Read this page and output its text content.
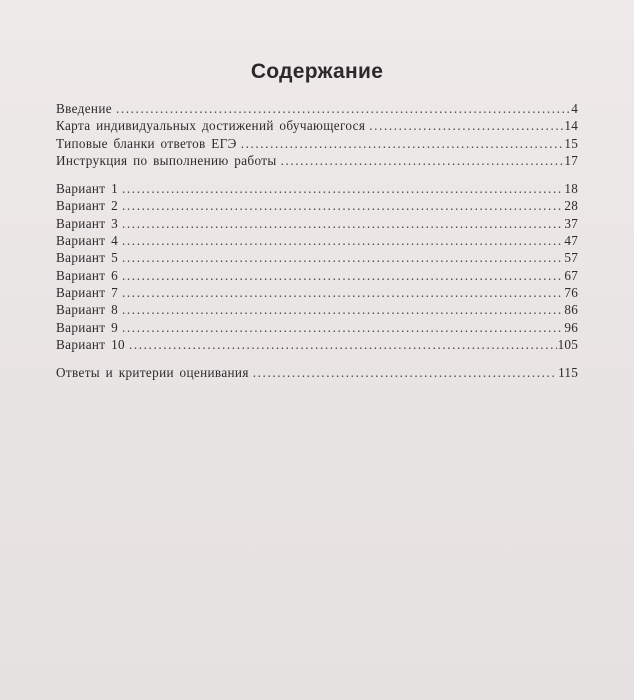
Содержание
Введение .....	4
Карта индивидуальных достижений обучающегося .....	14
Типовые бланки ответов ЕГЭ .....	15
Инструкция по выполнению работы .....	17
Вариант 1 .....	18
Вариант 2 .....	28
Вариант 3 .....	37
Вариант 4 .....	47
Вариант 5 .....	57
Вариант 6 .....	67
Вариант 7 .....	76
Вариант 8 .....	86
Вариант 9 .....	96
Вариант 10 .....	105
Ответы и критерии оценивания .....	115
